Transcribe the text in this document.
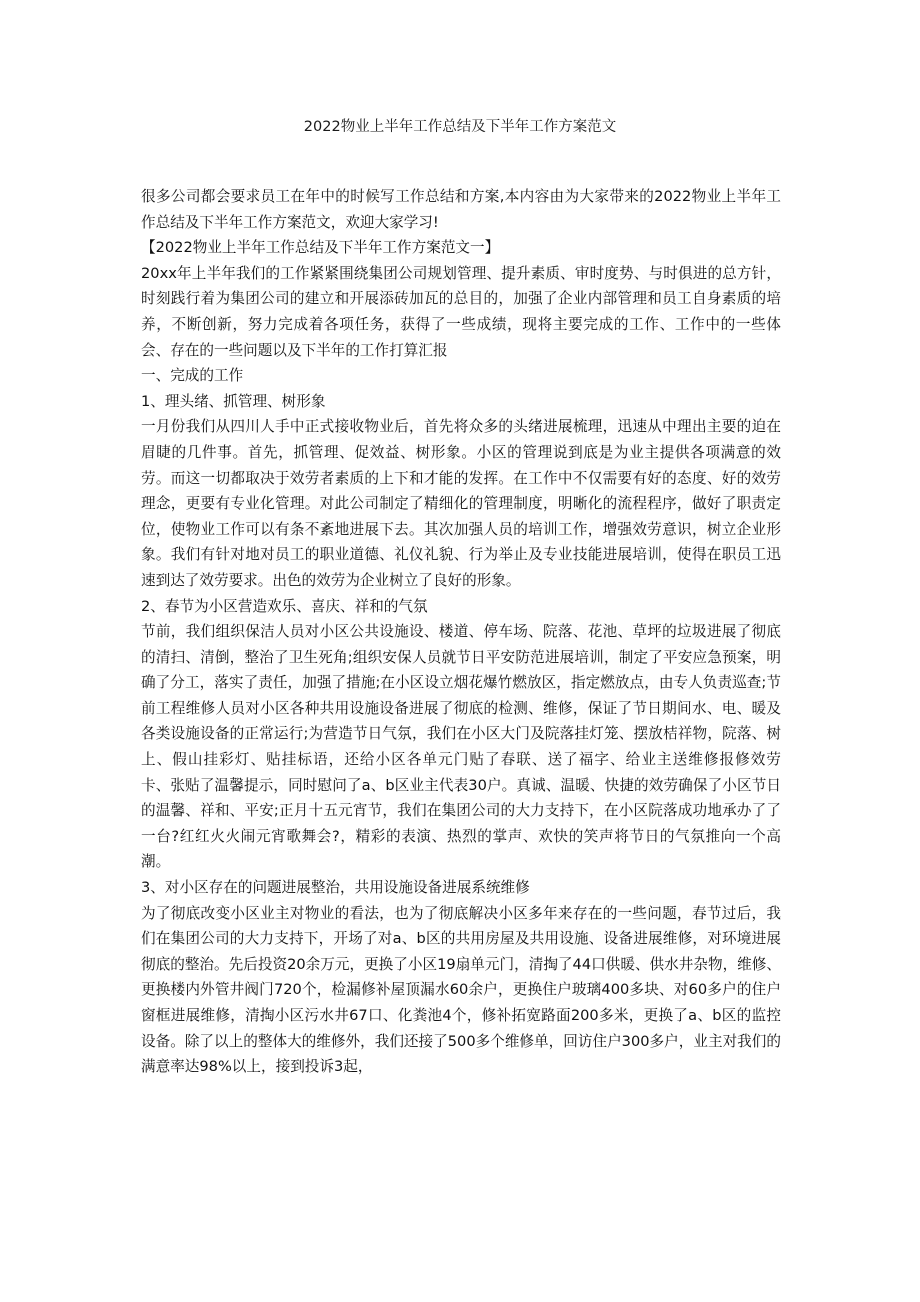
2022物业上半年工作总结及下半年工作方案范文

很多公司都会要求员工在年中的时候写工作总结和方案,本内容由为大家带来的2022物业上半年工作总结及下半年工作方案范文，欢迎大家学习!

【2022物业上半年工作总结及下半年工作方案范文一】

20xx年上半年我们的工作紧紧围绕集团公司规划管理、提升素质、审时度势、与时俱进的总方针，时刻践行着为集团公司的建立和开展添砖加瓦的总目的，加强了企业内部管理和员工自身素质的培养，不断创新，努力完成着各项任务，获得了一些成绩，现将主要完成的工作、工作中的一些体会、存在的一些问题以及下半年的工作打算汇报

一、完成的工作

1、理头绪、抓管理、树形象

一月份我们从四川人手中正式接收物业后，首先将众多的头绪进展梳理，迅速从中理出主要的迫在眉睫的几件事。首先，抓管理、促效益、树形象。小区的管理说到底是为业主提供各项满意的效劳。而这一切都取决于效劳者素质的上下和才能的发挥。在工作中不仅需要有好的态度、好的效劳理念，更要有专业化管理。对此公司制定了精细化的管理制度，明晰化的流程程序，做好了职责定位，使物业工作可以有条不紊地进展下去。其次加强人员的培训工作，增强效劳意识，树立企业形象。我们有针对地对员工的职业道德、礼仪礼貌、行为举止及专业技能进展培训，使得在职员工迅速到达了效劳要求。出色的效劳为企业树立了良好的形象。

2、春节为小区营造欢乐、喜庆、祥和的气氛

节前，我们组织保洁人员对小区公共设施设、楼道、停车场、院落、花池、草坪的垃圾进展了彻底的清扫、清倒，整治了卫生死角;组织安保人员就节日平安防范进展培训，制定了平安应急预案，明确了分工，落实了责任，加强了措施;在小区设立烟花爆竹燃放区，指定燃放点，由专人负责巡查;节前工程维修人员对小区各种共用设施设备进展了彻底的检测、维修，保证了节日期间水、电、暖及各类设施设备的正常运行;为营造节日气氛，我们在小区大门及院落挂灯笼、摆放桔祥物，院落、树上、假山挂彩灯、贴挂标语，还给小区各单元门贴了春联、送了福字、给业主送维修报修效劳　　卡、张贴了温馨提示，同时慰问了a、b区业主代表30户。真诚、温暖、快捷的效劳确保了小区节日的温馨、祥和、平安;正月十五元宵节，我们在集团公司的大力支持下，在小区院落成功地承办了了一台?红红火火闹元宵歌舞会?，精彩的表演、热烈的掌声、欢快的笑声将节日的气氛推向一个高潮。

3、对小区存在的问题进展整治，共用设施设备进展系统维修

为了彻底改变小区业主对物业的看法，也为了彻底解决小区多年来存在的一些问题，春节过后，我们在集团公司的大力支持下，开场了对a、b区的共用房屋及共用设施、设备进展维修，对环境进展彻底的整治。先后投资20余万元，更换了小区19扇单元门，清掏了44口供暖、供水井杂物，维修、更换楼内外管井阀门720个，检漏修补屋顶漏水60余户，更换住户玻璃400多块、对60多户的住户窗框进展维修，清掏小区污水井67口、化粪池4个，修补拓宽路面200多米，更换了a、b区的监控设备。除了以上的整体大的维修外，我们还接了500多个维修单，回访住户300多户，业主对我们的满意率达98%以上，接到投诉3起，
